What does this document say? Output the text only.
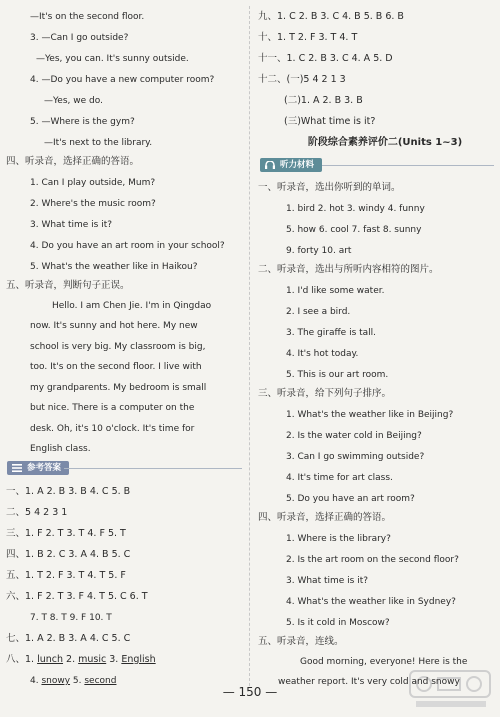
参考答案
听力材料
阶段综合素养评价二(Units 1~3)
八、1. lunch 2. music 3. English
— 150 —
—It's on the second floor.
3. —Can I go outside?
—Yes, you can. It's sunny outside.
4. —Do you have a new computer room?
—Yes, we do.
5. —Where is the gym?
—It's next to the library.
四、听录音，选择正确的答语。
1. Can I play outside, Mum?
2. Where's the music room?
3. What time is it?
4. Do you have an art room in your school?
5. What's the weather like in Haikou?
五、听录音，判断句子正误。
Hello. I am Chen Jie. I'm in Qingdao
now. It's sunny and hot here. My new
school is very big. My classroom is big,
too. It's on the second floor. I live with
my grandparents. My bedroom is small
but nice. There is a computer on the
desk. Oh, it's 10 o'clock. It's time for
English class.
一、1. A 2. B 3. B 4. C 5. B
二、5 4 2 3 1
三、1. F 2. T 3. T 4. F 5. T
四、1. B 2. C 3. A 4. B 5. C
五、1. T 2. F 3. T 4. T 5. F
六、1. F 2. T 3. F 4. T 5. C 6. T
7. T 8. T 9. F 10. T
七、1. A 2. B 3. A 4. C 5. C
九、1. C 2. B 3. C 4. B 5. B 6. B
十、1. T 2. F 3. T 4. T
十一、1. C 2. B 3. C 4. A 5. D
十二、(一)5 4 2 1 3
(二)1. A 2. B 3. B
(三)What time is it?
一、听录音，选出你听到的单词。
1. bird 2. hot 3. windy 4. funny
5. how 6. cool 7. fast 8. sunny
9. forty 10. art
二、听录音，选出与所听内容相符的图片。
1. I'd like some water.
2. I see a bird.
3. The giraffe is tall.
4. It's hot today.
5. This is our art room.
三、听录音，给下列句子排序。
1. What's the weather like in Beijing?
2. Is the water cold in Beijing?
3. Can I go swimming outside?
4. It's time for art class.
5. Do you have an art room?
四、听录音，选择正确的答语。
1. Where is the library?
2. Is the art room on the second floor?
3. What time is it?
4. What's the weather like in Sydney?
5. Is it cold in Moscow?
五、听录音，连线。
Good morning, everyone! Here is the
weather report. It's very cold and snowy
4. snowy 5. second
